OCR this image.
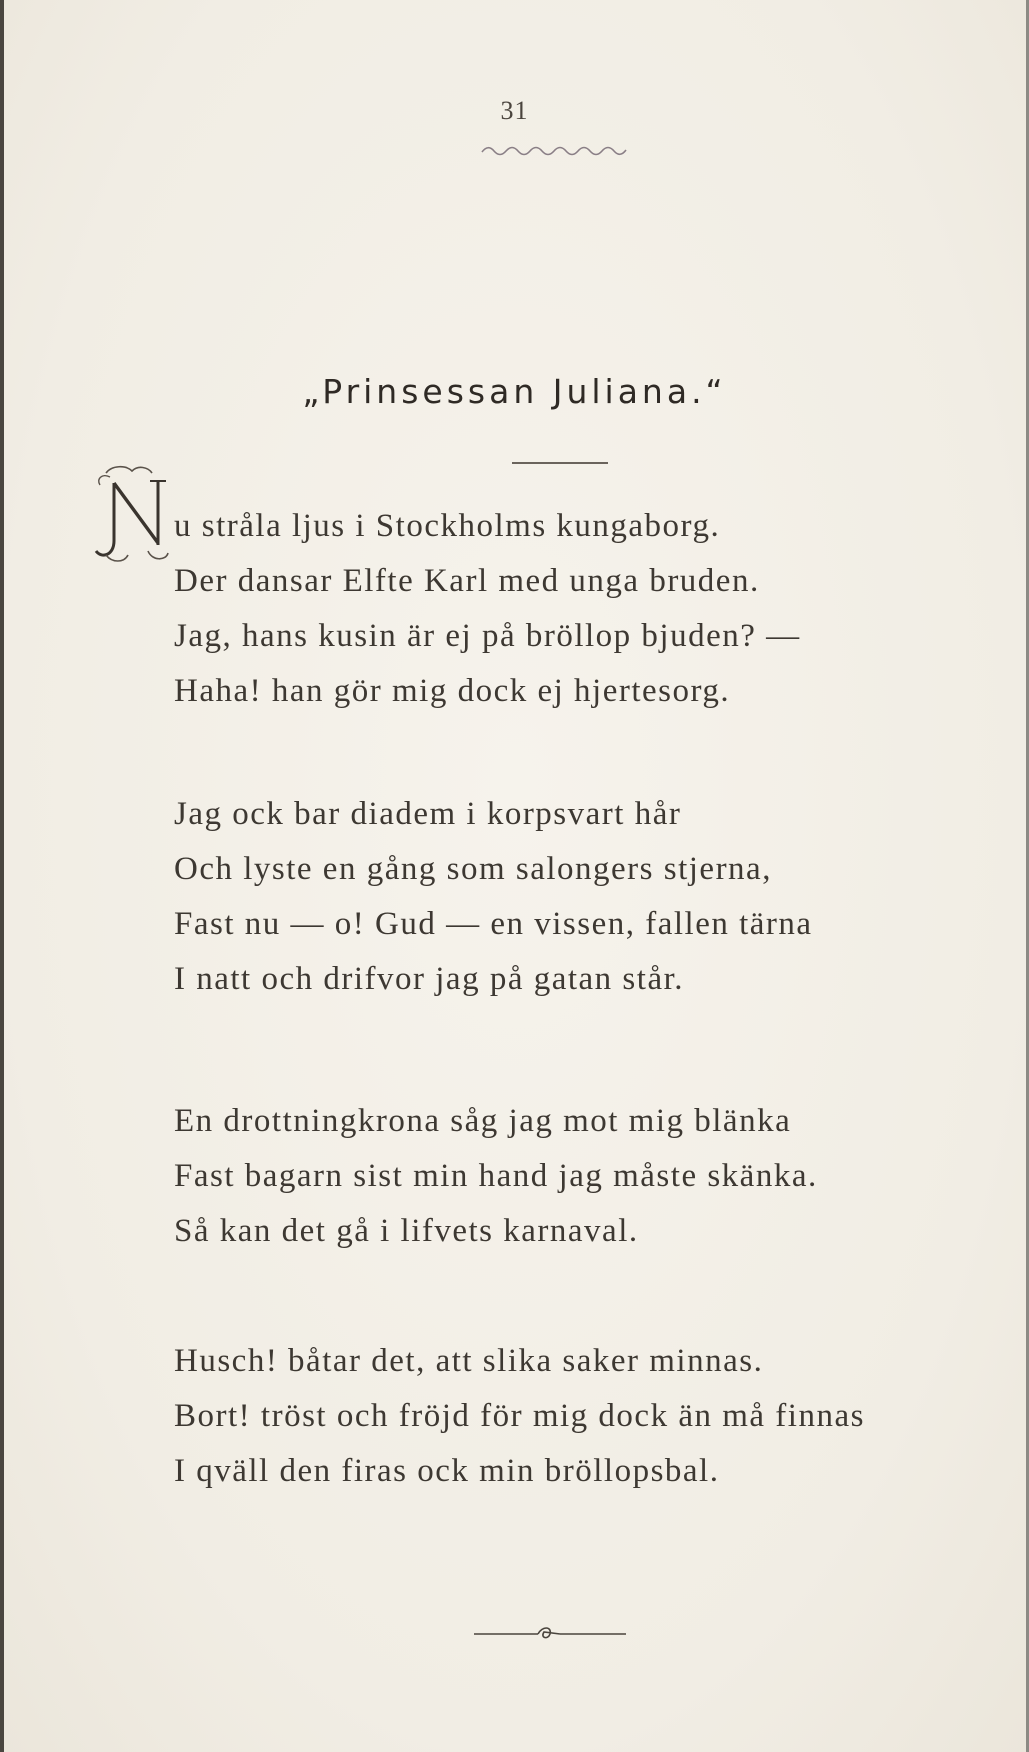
31
„Prinsessan Juliana.“
u stråla ljus i Stockholms kungaborg.
Der dansar Elfte Karl med unga bruden.
Jag, hans kusin är ej på bröllop bjuden? —
Haha! han gör mig dock ej hjertesorg.
Jag ock bar diadem i korpsvart hår
Och lyste en gång som salongers stjerna,
Fast nu — o! Gud — en vissen, fallen tärna
I natt och drifvor jag på gatan står.
En drottningkrona såg jag mot mig blänka
Fast bagarn sist min hand jag måste skänka.
Så kan det gå i lifvets karnaval.
Husch! båtar det, att slika saker minnas.
Bort! tröst och fröjd för mig dock än må finnas
I qväll den firas ock min bröllopsbal.
